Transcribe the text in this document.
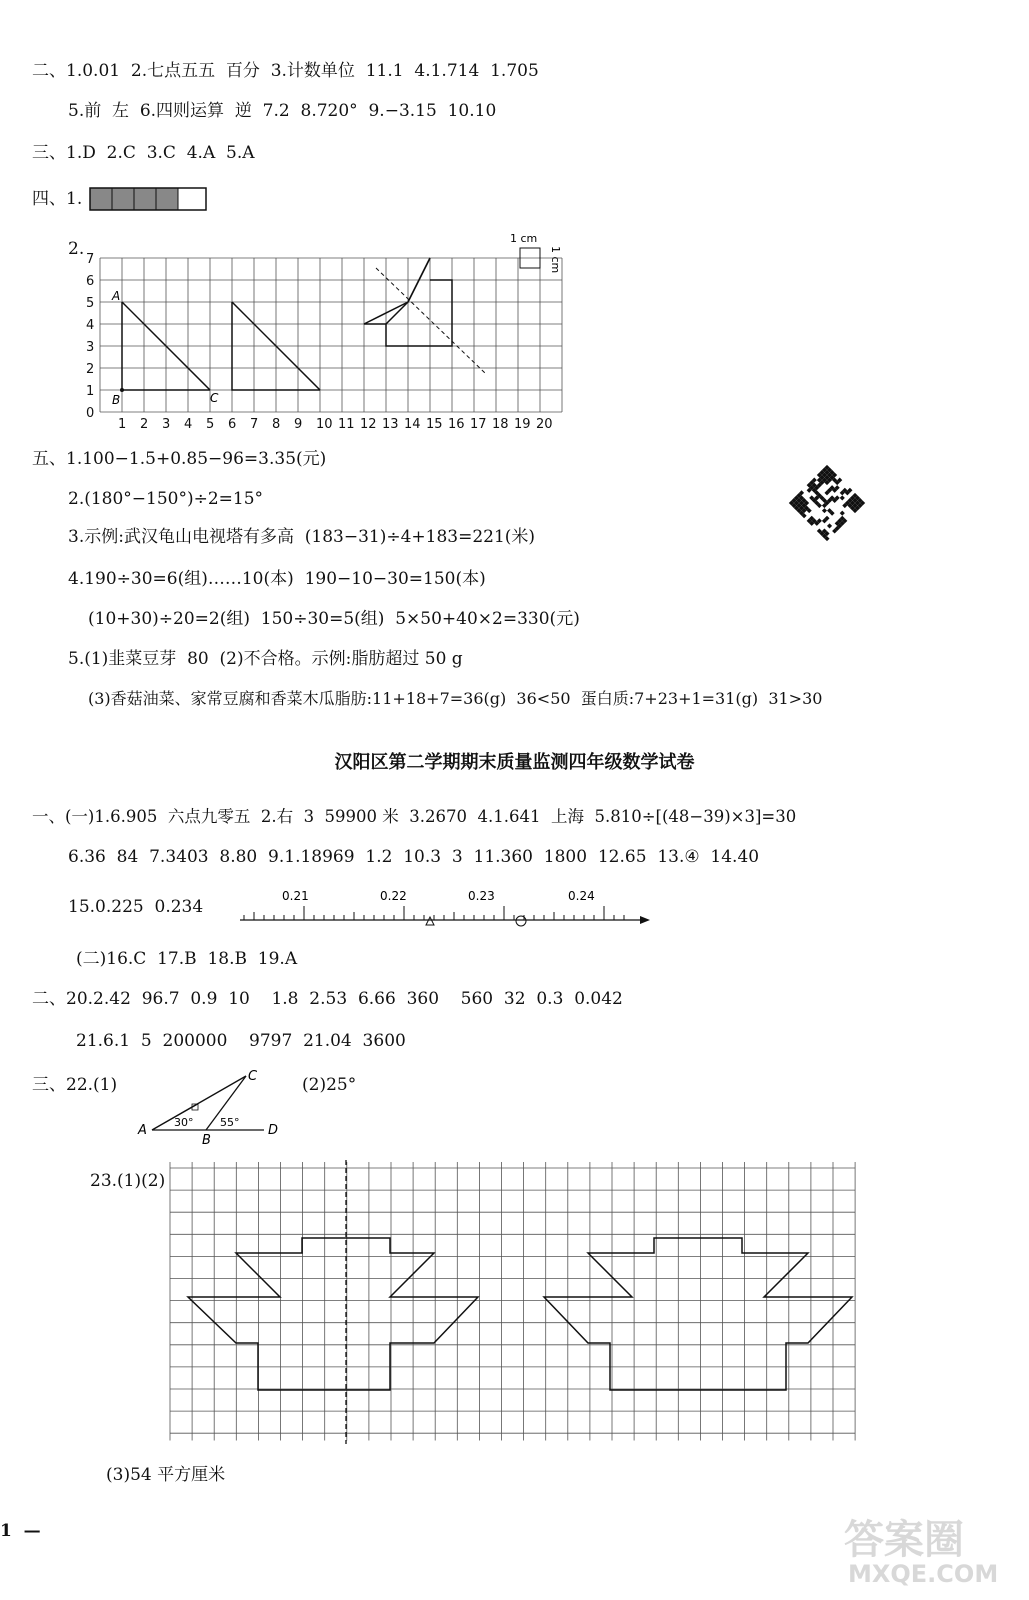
二、1.0.01  2.七点五五  百分  3.计数单位  11.1  4.1.714  1.705
5.前  左  6.四则运算  逆  7.2  8.720°  9.−3.15  10.10
三、1.D  2.C  3.C  4.A  5.A
四、1.
2.
0
1
2
3
4
5
6
7
1 2 3 4 5 6 7 8 9 10 11 12 13 14 15 16 17 18 19 20
A
B	C
1 cm
1 cm
五、1.100−1.5+0.85−96=3.35(元)
2.(180°−150°)÷2=15°
3.示例:武汉龟山电视塔有多高  (183−31)÷4+183=221(米)
4.190÷30=6(组)……10(本)  190−10−30=150(本)
(10+30)÷20=2(组)  150÷30=5(组)  5×50+40×2=330(元)
5.(1)韭菜豆芽  80  (2)不合格。示例:脂肪超过 50 g
(3)香菇油菜、家常豆腐和香菜木瓜脂肪:11+18+7=36(g)  36<50  蛋白质:7+23+1=31(g)  31>30
汉阳区第二学期期末质量监测四年级数学试卷
一、(一)1.6.905  六点九零五  2.右  3  59900 米  3.2670  4.1.641  上海  5.810÷[(48−39)×3]=30
6.36  84  7.3403  8.80  9.1.18969  1.2  10.3  3  11.360  1800  12.65  13.④  14.40
15.0.225  0.234
0.21	0.22	0.23	0.24
(二)16.C  17.B  18.B  19.A
二、20.2.42  96.7  0.9  10    1.8  2.53  6.66  360    560  32  0.3  0.042
21.6.1  5  200000    9797  21.04  3600
三、22.(1)	(2)25°
A
B
C
D
30° 55°
23.(1)(2)
(3)54 平方厘米
1  —	答案圈
MXQE.COM
